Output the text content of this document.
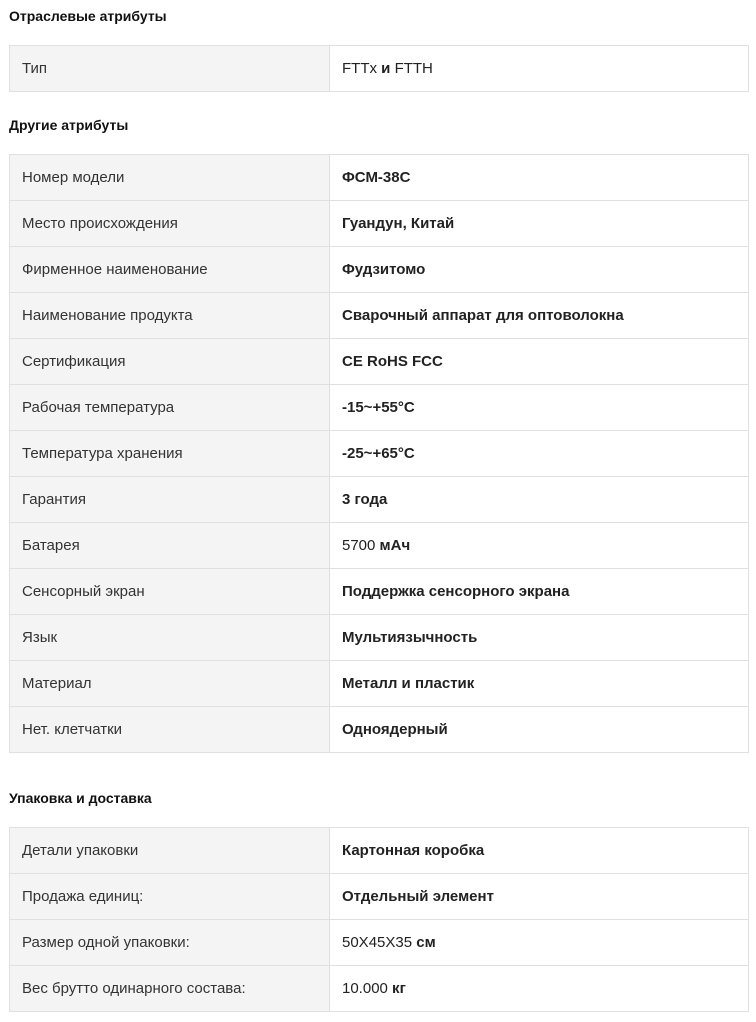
Отраслевые атрибуты
Тип	FTTx и FTTH
Другие атрибуты
Номер модели	ФСМ-38С
Место происхождения	Гуандун, Китай
Фирменное наименование	Фудзитомо
Наименование продукта	Сварочный аппарат для оптоволокна
Сертификация	CE RoHS FCC
Рабочая температура	-15~+55°C
Температура хранения	-25~+65°C
Гарантия	3 года
Батарея	5700 мАч
Сенсорный экран	Поддержка сенсорного экрана
Язык	Мультиязычность
Материал	Металл и пластик
Нет. клетчатки	Одноядерный
Упаковка и доставка
Детали упаковки	Картонная коробка
Продажа единиц:	Отдельный элемент
Размер одной упаковки:	50X45X35 см
Вес брутто одинарного состава:	10.000 кг
